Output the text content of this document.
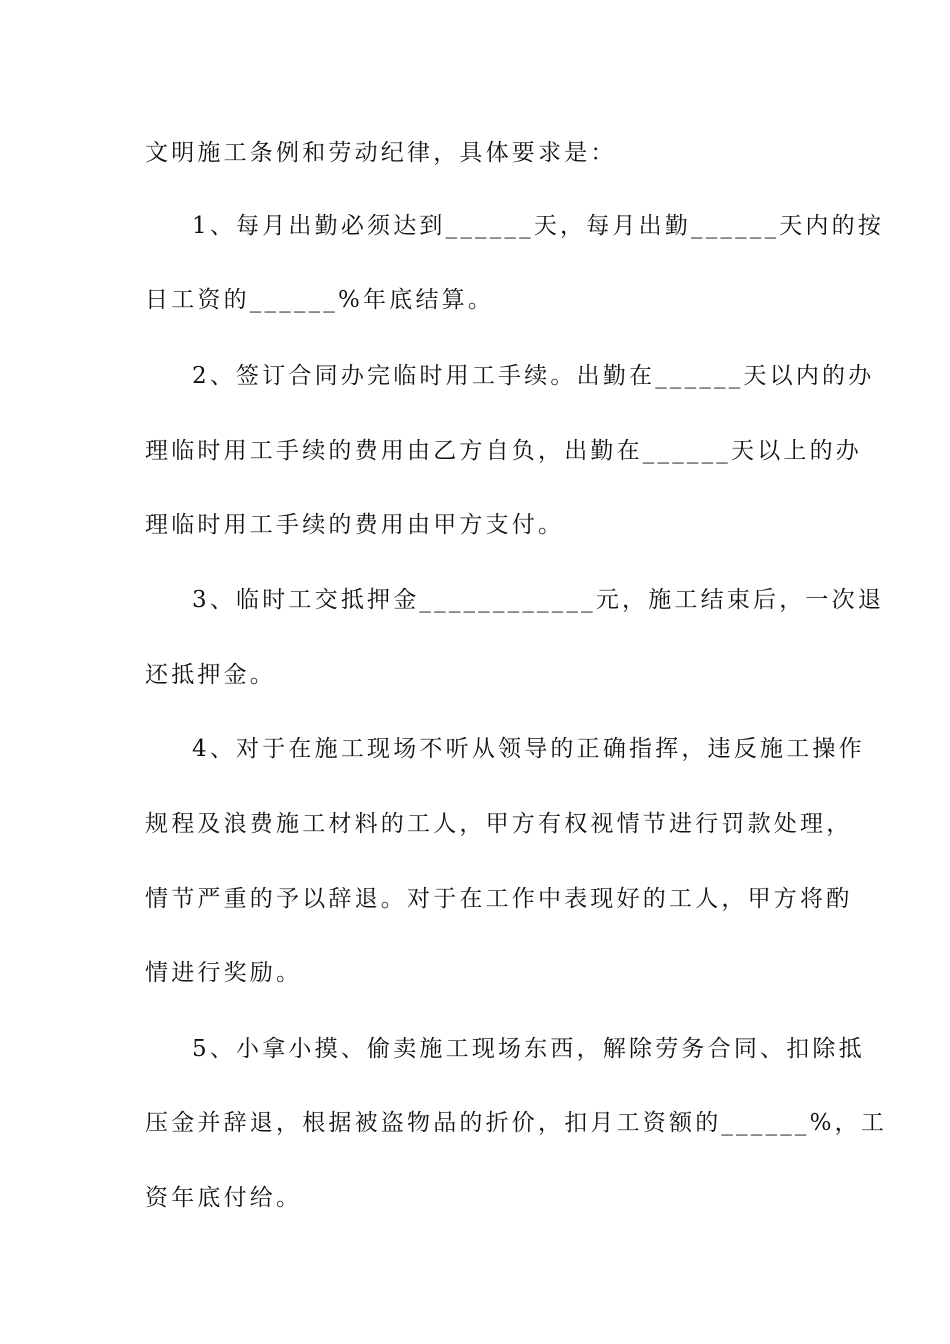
文明施工条例和劳动纪律，具体要求是：
1、每月出勤必须达到______天，每月出勤______天内的按
日工资的______%年底结算。
2、签订合同办完临时用工手续。出勤在______天以内的办
理临时用工手续的费用由乙方自负，出勤在______天以上的办
理临时用工手续的费用由甲方支付。
3、临时工交抵押金____________元，施工结束后，一次退
还抵押金。
4、对于在施工现场不听从领导的正确指挥，违反施工操作
规程及浪费施工材料的工人，甲方有权视情节进行罚款处理，
情节严重的予以辞退。对于在工作中表现好的工人，甲方将酌
情进行奖励。
5、小拿小摸、偷卖施工现场东西，解除劳务合同、扣除抵
压金并辞退，根据被盗物品的折价，扣月工资额的______%，工
资年底付给。
